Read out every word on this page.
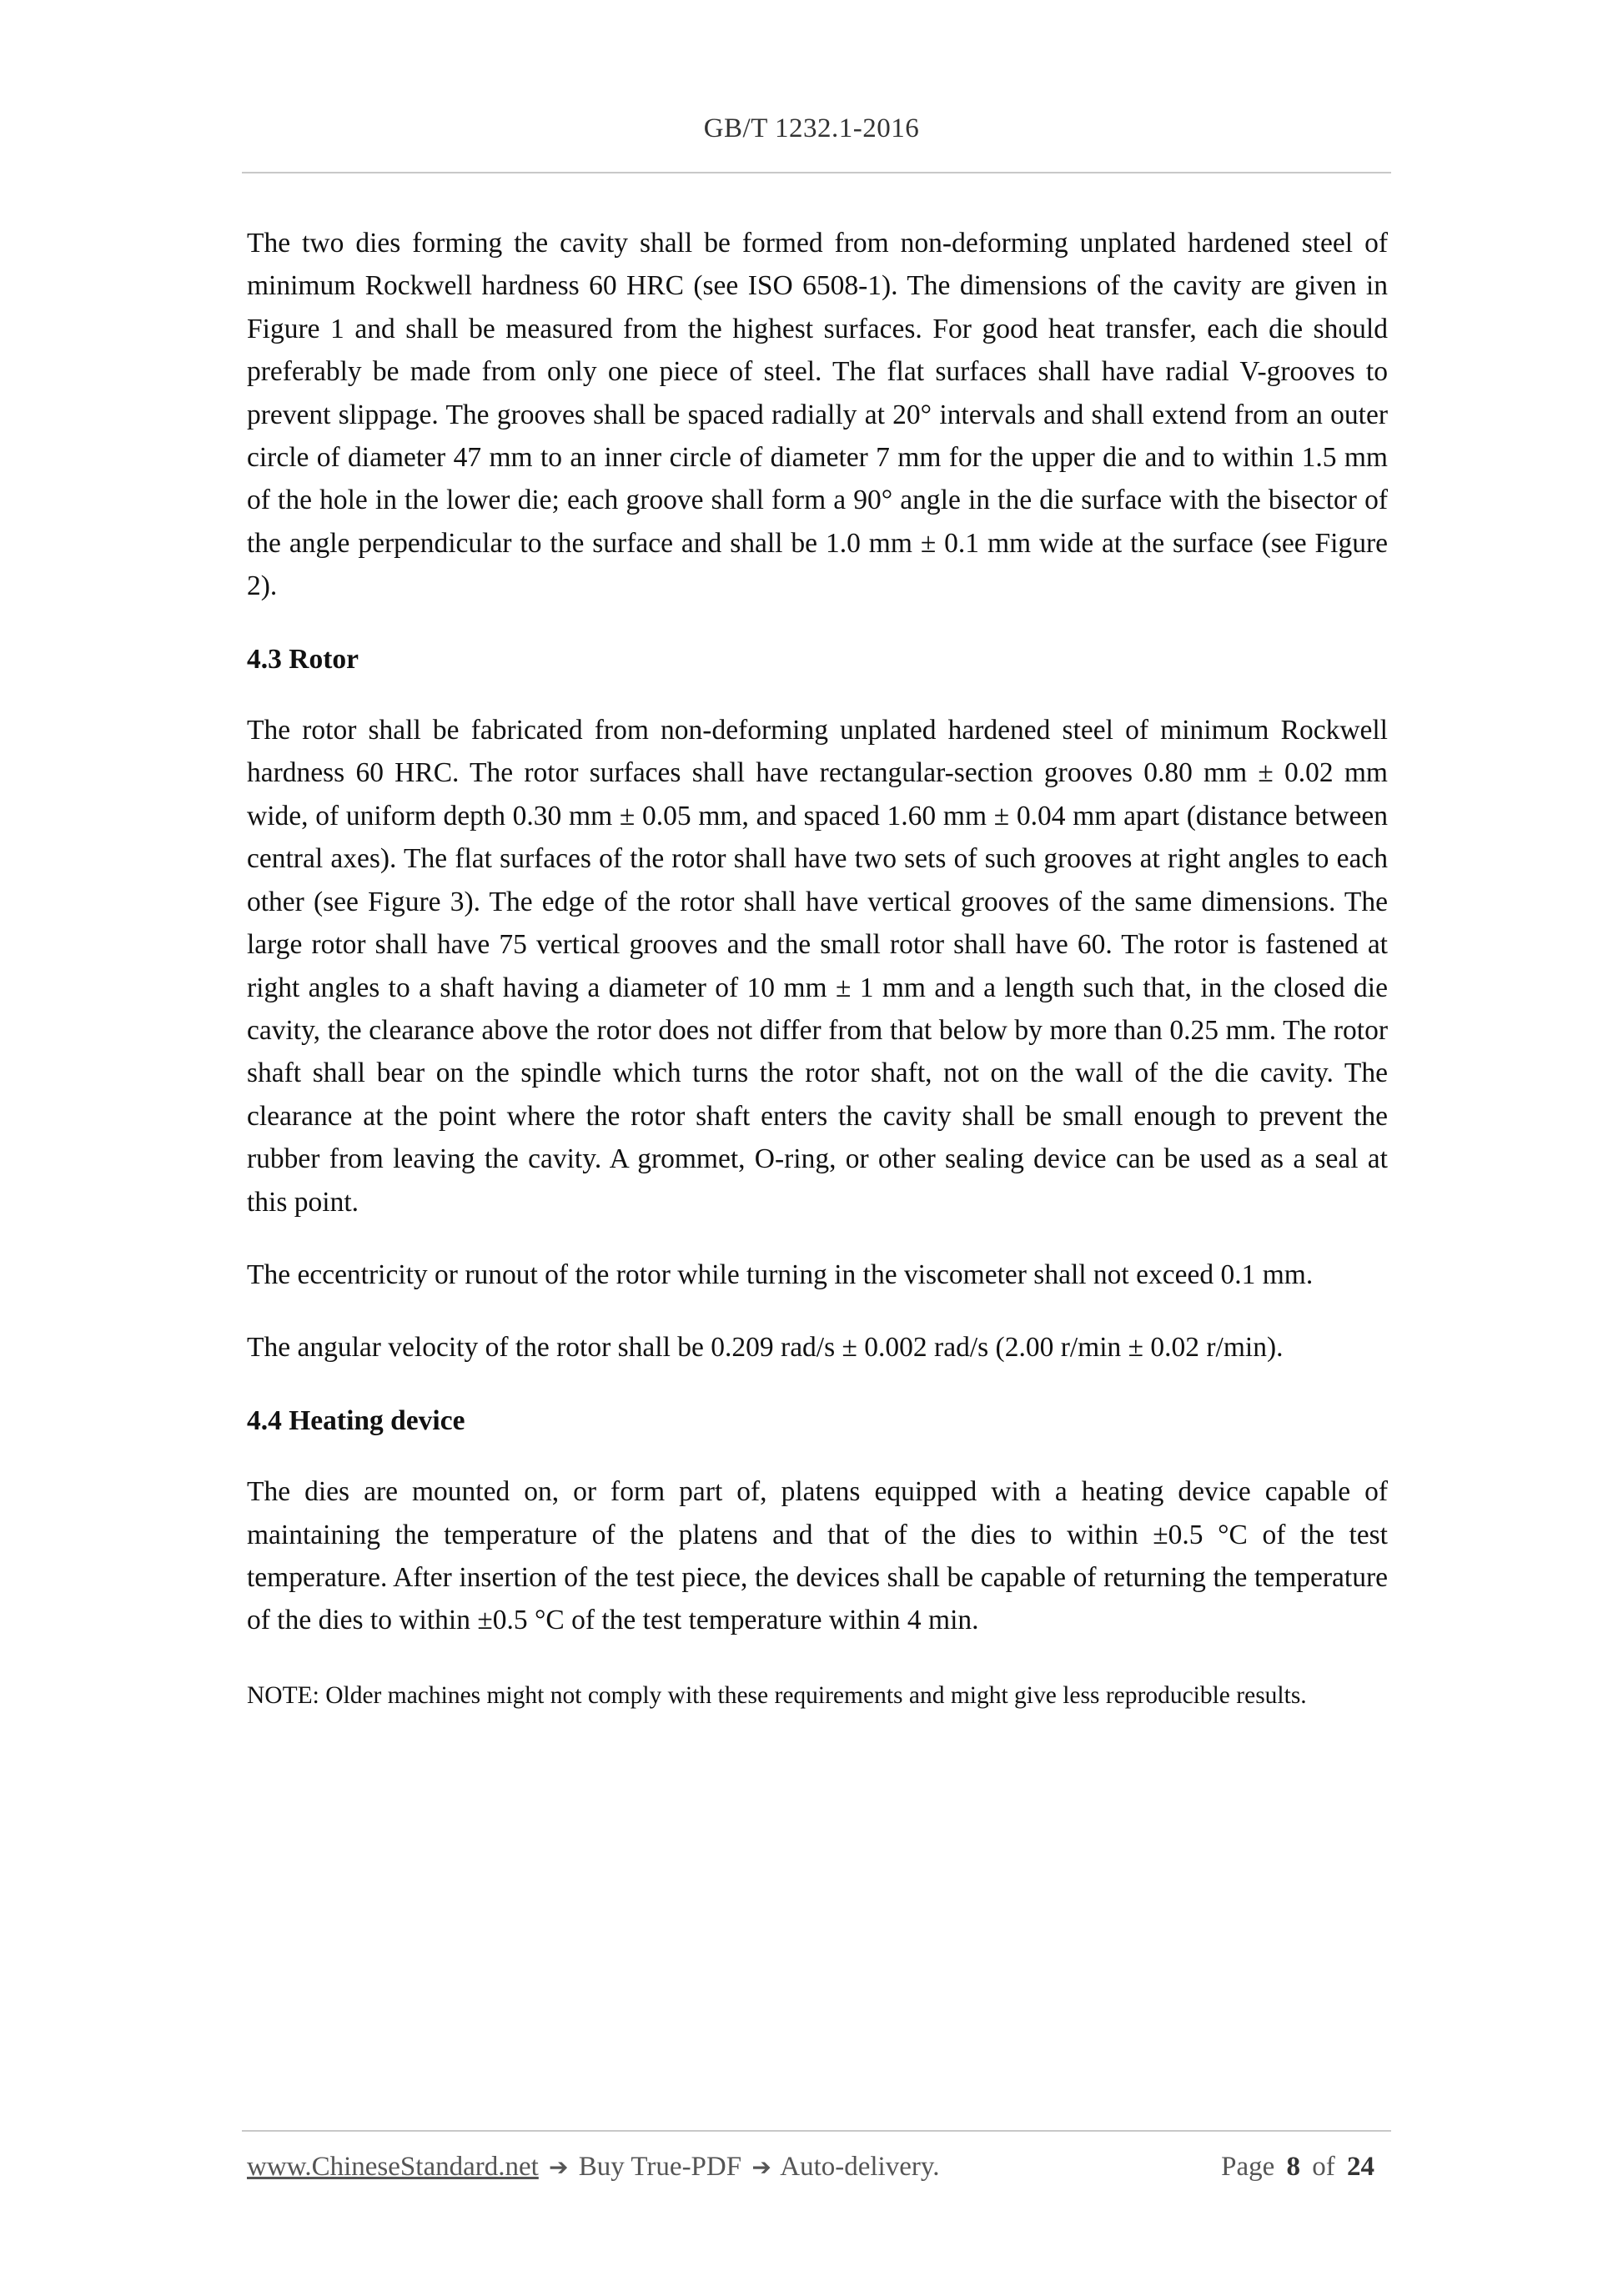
GB/T 1232.1-2016

The two dies forming the cavity shall be formed from non-deforming unplated hardened steel of minimum Rockwell hardness 60 HRC (see ISO 6508-1). The dimensions of the cavity are given in Figure 1 and shall be measured from the highest surfaces. For good heat transfer, each die should preferably be made from only one piece of steel. The flat surfaces shall have radial V-grooves to prevent slippage. The grooves shall be spaced radially at 20° intervals and shall extend from an outer circle of diameter 47 mm to an inner circle of diameter 7 mm for the upper die and to within 1.5 mm of the hole in the lower die; each groove shall form a 90° angle in the die surface with the bisector of the angle perpendicular to the surface and shall be 1.0 mm ± 0.1 mm wide at the surface (see Figure 2).

4.3 Rotor

The rotor shall be fabricated from non-deforming unplated hardened steel of minimum Rockwell hardness 60 HRC. The rotor surfaces shall have rectangular-section grooves 0.80 mm ± 0.02 mm wide, of uniform depth 0.30 mm ± 0.05 mm, and spaced 1.60 mm ± 0.04 mm apart (distance between central axes). The flat surfaces of the rotor shall have two sets of such grooves at right angles to each other (see Figure 3). The edge of the rotor shall have vertical grooves of the same dimensions. The large rotor shall have 75 vertical grooves and the small rotor shall have 60. The rotor is fastened at right angles to a shaft having a diameter of 10 mm ± 1 mm and a length such that, in the closed die cavity, the clearance above the rotor does not differ from that below by more than 0.25 mm. The rotor shaft shall bear on the spindle which turns the rotor shaft, not on the wall of the die cavity. The clearance at the point where the rotor shaft enters the cavity shall be small enough to prevent the rubber from leaving the cavity. A grommet, O-ring, or other sealing device can be used as a seal at this point.

The eccentricity or runout of the rotor while turning in the viscometer shall not exceed 0.1 mm.

The angular velocity of the rotor shall be 0.209 rad/s ± 0.002 rad/s (2.00 r/min ± 0.02 r/min).

4.4 Heating device

The dies are mounted on, or form part of, platens equipped with a heating device capable of maintaining the temperature of the platens and that of the dies to within ±0.5 °C of the test temperature. After insertion of the test piece, the devices shall be capable of returning the temperature of the dies to within ±0.5 °C of the test temperature within 4 min.

NOTE: Older machines might not comply with these requirements and might give less reproducible results.

www.ChineseStandard.net ➔ Buy True-PDF ➔ Auto-delivery.	Page 8 of 24
